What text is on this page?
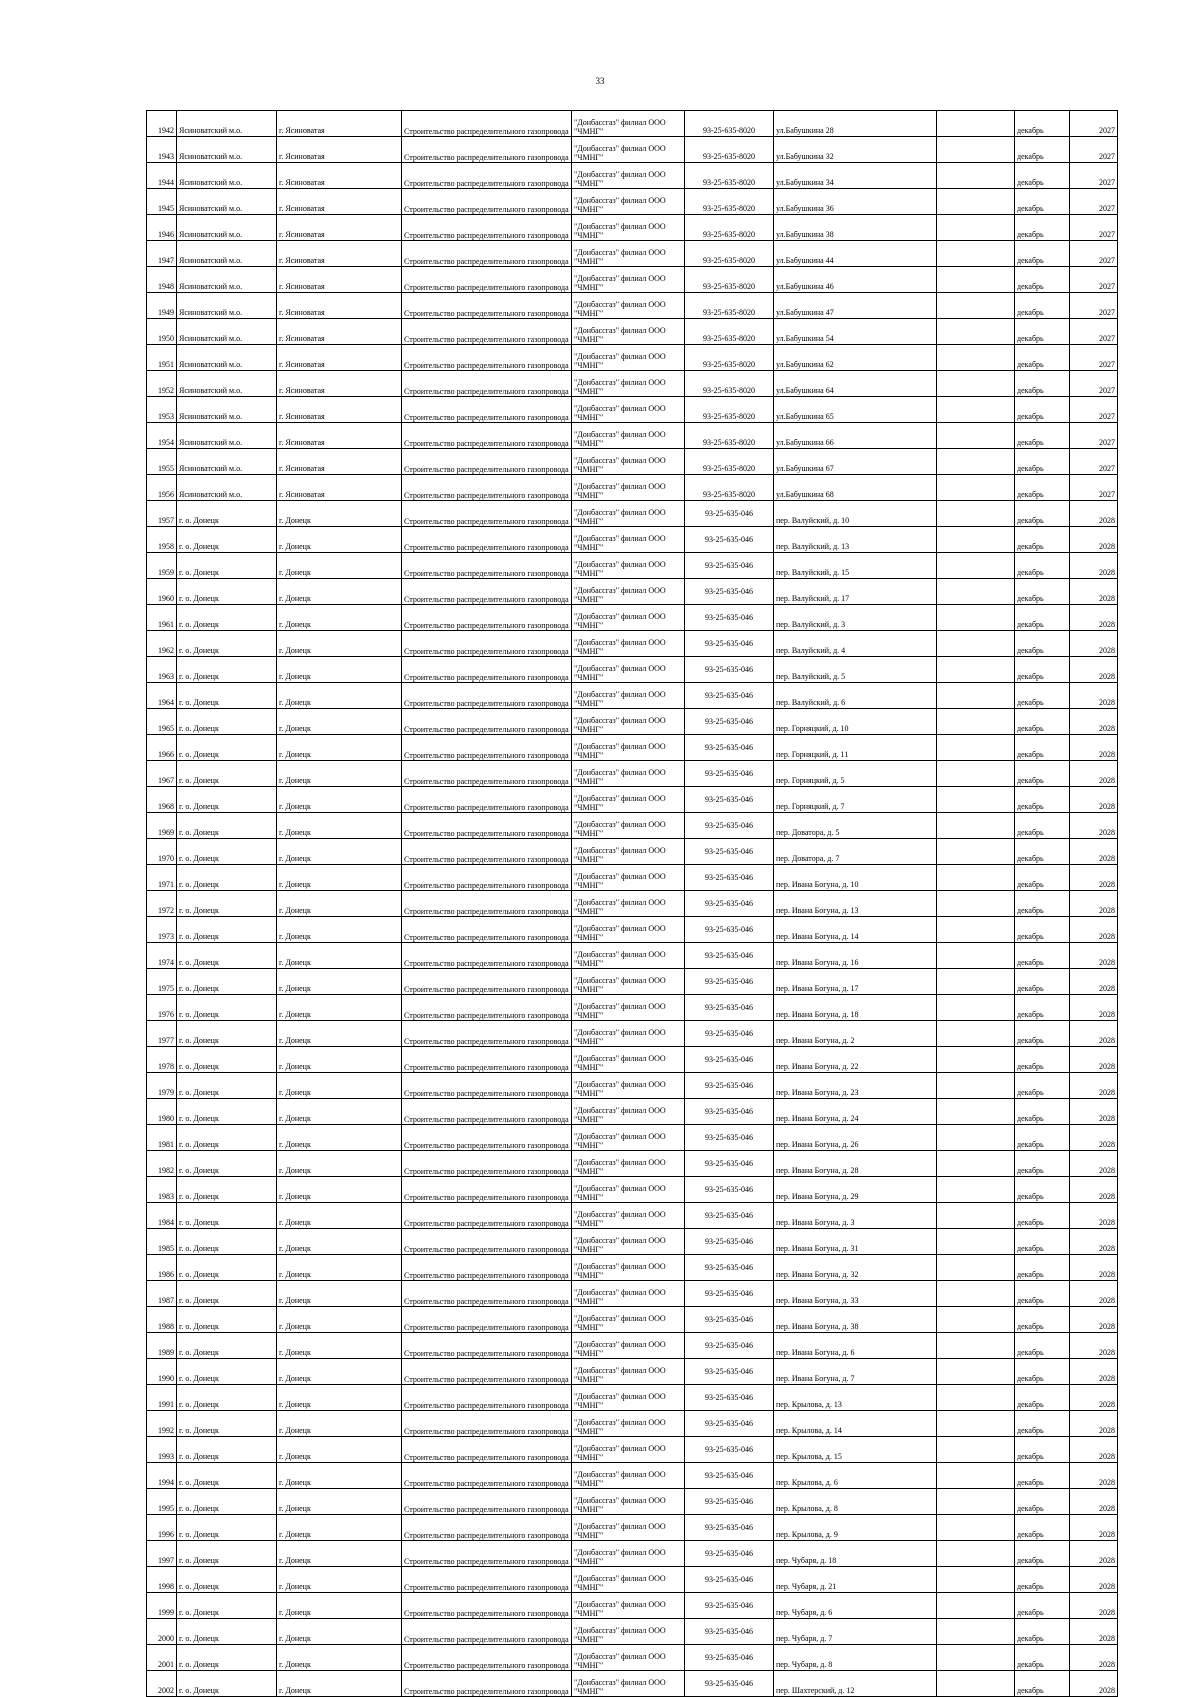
33
1942	Ясиноватский м.о.	г. Ясиноватая	Строительство распределительного газопровода	"Донбассгаз" филиал ООО "ЧМНГ"	93-25-635-8020	ул.Бабушкина 28		декабрь	2027
1943	Ясиноватский м.о.	г. Ясиноватая	Строительство распределительного газопровода	"Донбассгаз" филиал ООО "ЧМНГ"	93-25-635-8020	ул.Бабушкина 32		декабрь	2027
1944	Ясиноватский м.о.	г. Ясиноватая	Строительство распределительного газопровода	"Донбассгаз" филиал ООО "ЧМНГ"	93-25-635-8020	ул.Бабушкина 34		декабрь	2027
1945	Ясиноватский м.о.	г. Ясиноватая	Строительство распределительного газопровода	"Донбассгаз" филиал ООО "ЧМНГ"	93-25-635-8020	ул.Бабушкина 36		декабрь	2027
1946	Ясиноватский м.о.	г. Ясиноватая	Строительство распределительного газопровода	"Донбассгаз" филиал ООО "ЧМНГ"	93-25-635-8020	ул.Бабушкина 38		декабрь	2027
1947	Ясиноватский м.о.	г. Ясиноватая	Строительство распределительного газопровода	"Донбассгаз" филиал ООО "ЧМНГ"	93-25-635-8020	ул.Бабушкина 44		декабрь	2027
1948	Ясиноватский м.о.	г. Ясиноватая	Строительство распределительного газопровода	"Донбассгаз" филиал ООО "ЧМНГ"	93-25-635-8020	ул.Бабушкина 46		декабрь	2027
1949	Ясиноватский м.о.	г. Ясиноватая	Строительство распределительного газопровода	"Донбассгаз" филиал ООО "ЧМНГ"	93-25-635-8020	ул.Бабушкина 47		декабрь	2027
1950	Ясиноватский м.о.	г. Ясиноватая	Строительство распределительного газопровода	"Донбассгаз" филиал ООО "ЧМНГ"	93-25-635-8020	ул.Бабушкина 54		декабрь	2027
1951	Ясиноватский м.о.	г. Ясиноватая	Строительство распределительного газопровода	"Донбассгаз" филиал ООО "ЧМНГ"	93-25-635-8020	ул.Бабушкина 62		декабрь	2027
1952	Ясиноватский м.о.	г. Ясиноватая	Строительство распределительного газопровода	"Донбассгаз" филиал ООО "ЧМНГ"	93-25-635-8020	ул.Бабушкина 64		декабрь	2027
1953	Ясиноватский м.о.	г. Ясиноватая	Строительство распределительного газопровода	"Донбассгаз" филиал ООО "ЧМНГ"	93-25-635-8020	ул.Бабушкина 65		декабрь	2027
1954	Ясиноватский м.о.	г. Ясиноватая	Строительство распределительного газопровода	"Донбассгаз" филиал ООО "ЧМНГ"	93-25-635-8020	ул.Бабушкина 66		декабрь	2027
1955	Ясиноватский м.о.	г. Ясиноватая	Строительство распределительного газопровода	"Донбассгаз" филиал ООО "ЧМНГ"	93-25-635-8020	ул.Бабушкина 67		декабрь	2027
1956	Ясиноватский м.о.	г. Ясиноватая	Строительство распределительного газопровода	"Донбассгаз" филиал ООО "ЧМНГ"	93-25-635-8020	ул.Бабушкина 68		декабрь	2027
1957	г. о. Донецк	г. Донецк	Строительство распределительного газопровода	"Донбассгаз" филиал ООО "ЧМНГ"	93-25-635-046	пер. Валуйский, д. 10		декабрь	2028
1958	г. о. Донецк	г. Донецк	Строительство распределительного газопровода	"Донбассгаз" филиал ООО "ЧМНГ"	93-25-635-046	пер. Валуйский, д. 13		декабрь	2028
1959	г. о. Донецк	г. Донецк	Строительство распределительного газопровода	"Донбассгаз" филиал ООО "ЧМНГ"	93-25-635-046	пер. Валуйский, д. 15		декабрь	2028
1960	г. о. Донецк	г. Донецк	Строительство распределительного газопровода	"Донбассгаз" филиал ООО "ЧМНГ"	93-25-635-046	пер. Валуйский, д. 17		декабрь	2028
1961	г. о. Донецк	г. Донецк	Строительство распределительного газопровода	"Донбассгаз" филиал ООО "ЧМНГ"	93-25-635-046	пер. Валуйский, д. 3		декабрь	2028
1962	г. о. Донецк	г. Донецк	Строительство распределительного газопровода	"Донбассгаз" филиал ООО "ЧМНГ"	93-25-635-046	пер. Валуйский, д. 4		декабрь	2028
1963	г. о. Донецк	г. Донецк	Строительство распределительного газопровода	"Донбассгаз" филиал ООО "ЧМНГ"	93-25-635-046	пер. Валуйский, д. 5		декабрь	2028
1964	г. о. Донецк	г. Донецк	Строительство распределительного газопровода	"Донбассгаз" филиал ООО "ЧМНГ"	93-25-635-046	пер. Валуйский, д. 6		декабрь	2028
1965	г. о. Донецк	г. Донецк	Строительство распределительного газопровода	"Донбассгаз" филиал ООО "ЧМНГ"	93-25-635-046	пер. Горняцкий, д. 10		декабрь	2028
1966	г. о. Донецк	г. Донецк	Строительство распределительного газопровода	"Донбассгаз" филиал ООО "ЧМНГ"	93-25-635-046	пер. Горняцкий, д. 11		декабрь	2028
1967	г. о. Донецк	г. Донецк	Строительство распределительного газопровода	"Донбассгаз" филиал ООО "ЧМНГ"	93-25-635-046	пер. Горняцкий, д. 5		декабрь	2028
1968	г. о. Донецк	г. Донецк	Строительство распределительного газопровода	"Донбассгаз" филиал ООО "ЧМНГ"	93-25-635-046	пер. Горняцкий, д. 7		декабрь	2028
1969	г. о. Донецк	г. Донецк	Строительство распределительного газопровода	"Донбассгаз" филиал ООО "ЧМНГ"	93-25-635-046	пер. Доватора, д. 5		декабрь	2028
1970	г. о. Донецк	г. Донецк	Строительство распределительного газопровода	"Донбассгаз" филиал ООО "ЧМНГ"	93-25-635-046	пер. Доватора, д. 7		декабрь	2028
1971	г. о. Донецк	г. Донецк	Строительство распределительного газопровода	"Донбассгаз" филиал ООО "ЧМНГ"	93-25-635-046	пер. Ивана Богуна, д. 10		декабрь	2028
1972	г. о. Донецк	г. Донецк	Строительство распределительного газопровода	"Донбассгаз" филиал ООО "ЧМНГ"	93-25-635-046	пер. Ивана Богуна, д. 13		декабрь	2028
1973	г. о. Донецк	г. Донецк	Строительство распределительного газопровода	"Донбассгаз" филиал ООО "ЧМНГ"	93-25-635-046	пер. Ивана Богуна, д. 14		декабрь	2028
1974	г. о. Донецк	г. Донецк	Строительство распределительного газопровода	"Донбассгаз" филиал ООО "ЧМНГ"	93-25-635-046	пер. Ивана Богуна, д. 16		декабрь	2028
1975	г. о. Донецк	г. Донецк	Строительство распределительного газопровода	"Донбассгаз" филиал ООО "ЧМНГ"	93-25-635-046	пер. Ивана Богуна, д. 17		декабрь	2028
1976	г. о. Донецк	г. Донецк	Строительство распределительного газопровода	"Донбассгаз" филиал ООО "ЧМНГ"	93-25-635-046	пер. Ивана Богуна, д. 18		декабрь	2028
1977	г. о. Донецк	г. Донецк	Строительство распределительного газопровода	"Донбассгаз" филиал ООО "ЧМНГ"	93-25-635-046	пер. Ивана Богуна, д. 2		декабрь	2028
1978	г. о. Донецк	г. Донецк	Строительство распределительного газопровода	"Донбассгаз" филиал ООО "ЧМНГ"	93-25-635-046	пер. Ивана Богуна, д. 22		декабрь	2028
1979	г. о. Донецк	г. Донецк	Строительство распределительного газопровода	"Донбассгаз" филиал ООО "ЧМНГ"	93-25-635-046	пер. Ивана Богуна, д. 23		декабрь	2028
1980	г. о. Донецк	г. Донецк	Строительство распределительного газопровода	"Донбассгаз" филиал ООО "ЧМНГ"	93-25-635-046	пер. Ивана Богуна, д. 24		декабрь	2028
1981	г. о. Донецк	г. Донецк	Строительство распределительного газопровода	"Донбассгаз" филиал ООО "ЧМНГ"	93-25-635-046	пер. Ивана Богуна, д. 26		декабрь	2028
1982	г. о. Донецк	г. Донецк	Строительство распределительного газопровода	"Донбассгаз" филиал ООО "ЧМНГ"	93-25-635-046	пер. Ивана Богуна, д. 28		декабрь	2028
1983	г. о. Донецк	г. Донецк	Строительство распределительного газопровода	"Донбассгаз" филиал ООО "ЧМНГ"	93-25-635-046	пер. Ивана Богуна, д. 29		декабрь	2028
1984	г. о. Донецк	г. Донецк	Строительство распределительного газопровода	"Донбассгаз" филиал ООО "ЧМНГ"	93-25-635-046	пер. Ивана Богуна, д. 3		декабрь	2028
1985	г. о. Донецк	г. Донецк	Строительство распределительного газопровода	"Донбассгаз" филиал ООО "ЧМНГ"	93-25-635-046	пер. Ивана Богуна, д. 31		декабрь	2028
1986	г. о. Донецк	г. Донецк	Строительство распределительного газопровода	"Донбассгаз" филиал ООО "ЧМНГ"	93-25-635-046	пер. Ивана Богуна, д. 32		декабрь	2028
1987	г. о. Донецк	г. Донецк	Строительство распределительного газопровода	"Донбассгаз" филиал ООО "ЧМНГ"	93-25-635-046	пер. Ивана Богуна, д. 33		декабрь	2028
1988	г. о. Донецк	г. Донецк	Строительство распределительного газопровода	"Донбассгаз" филиал ООО "ЧМНГ"	93-25-635-046	пер. Ивана Богуна, д. 38		декабрь	2028
1989	г. о. Донецк	г. Донецк	Строительство распределительного газопровода	"Донбассгаз" филиал ООО "ЧМНГ"	93-25-635-046	пер. Ивана Богуна, д. 6		декабрь	2028
1990	г. о. Донецк	г. Донецк	Строительство распределительного газопровода	"Донбассгаз" филиал ООО "ЧМНГ"	93-25-635-046	пер. Ивана Богуна, д. 7		декабрь	2028
1991	г. о. Донецк	г. Донецк	Строительство распределительного газопровода	"Донбассгаз" филиал ООО "ЧМНГ"	93-25-635-046	пер. Крылова, д. 13		декабрь	2028
1992	г. о. Донецк	г. Донецк	Строительство распределительного газопровода	"Донбассгаз" филиал ООО "ЧМНГ"	93-25-635-046	пер. Крылова, д. 14		декабрь	2028
1993	г. о. Донецк	г. Донецк	Строительство распределительного газопровода	"Донбассгаз" филиал ООО "ЧМНГ"	93-25-635-046	пер. Крылова, д. 15		декабрь	2028
1994	г. о. Донецк	г. Донецк	Строительство распределительного газопровода	"Донбассгаз" филиал ООО "ЧМНГ"	93-25-635-046	пер. Крылова, д. 6		декабрь	2028
1995	г. о. Донецк	г. Донецк	Строительство распределительного газопровода	"Донбассгаз" филиал ООО "ЧМНГ"	93-25-635-046	пер. Крылова, д. 8		декабрь	2028
1996	г. о. Донецк	г. Донецк	Строительство распределительного газопровода	"Донбассгаз" филиал ООО "ЧМНГ"	93-25-635-046	пер. Крылова, д. 9		декабрь	2028
1997	г. о. Донецк	г. Донецк	Строительство распределительного газопровода	"Донбассгаз" филиал ООО "ЧМНГ"	93-25-635-046	пер. Чубаря, д. 18		декабрь	2028
1998	г. о. Донецк	г. Донецк	Строительство распределительного газопровода	"Донбассгаз" филиал ООО "ЧМНГ"	93-25-635-046	пер. Чубаря, д. 21		декабрь	2028
1999	г. о. Донецк	г. Донецк	Строительство распределительного газопровода	"Донбассгаз" филиал ООО "ЧМНГ"	93-25-635-046	пер. Чубаря, д. 6		декабрь	2028
2000	г. о. Донецк	г. Донецк	Строительство распределительного газопровода	"Донбассгаз" филиал ООО "ЧМНГ"	93-25-635-046	пер. Чубаря, д. 7		декабрь	2028
2001	г. о. Донецк	г. Донецк	Строительство распределительного газопровода	"Донбассгаз" филиал ООО "ЧМНГ"	93-25-635-046	пер. Чубаря, д. 8		декабрь	2028
2002	г. о. Донецк	г. Донецк	Строительство распределительного газопровода	"Донбассгаз" филиал ООО "ЧМНГ"	93-25-635-046	пер. Шахтерский, д. 12		декабрь	2028
